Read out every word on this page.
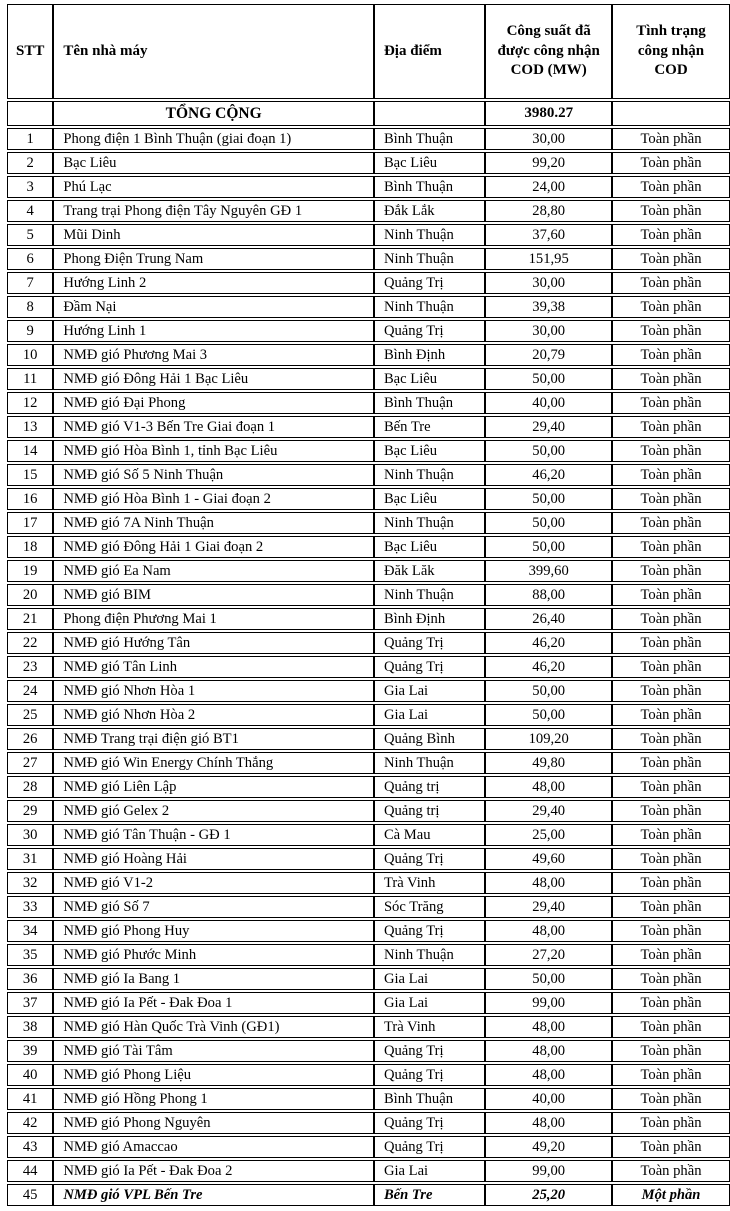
STT	Tên nhà máy	Địa điểm	Công suất đã được công nhận COD (MW)	Tình trạng công nhận COD
	TỔNG CỘNG		3980.27	
1	Phong điện 1 Bình Thuận (giai đoạn 1)	Bình Thuận	30,00	Toàn phần
2	Bạc Liêu	Bạc Liêu	99,20	Toàn phần
3	Phú Lạc	Bình Thuận	24,00	Toàn phần
4	Trang trại Phong điện Tây Nguyên GĐ 1	Đắk Lắk	28,80	Toàn phần
5	Mũi Dinh	Ninh Thuận	37,60	Toàn phần
6	Phong Điện Trung Nam	Ninh Thuận	151,95	Toàn phần
7	Hướng Linh 2	Quảng Trị	30,00	Toàn phần
8	Đầm Nại	Ninh Thuận	39,38	Toàn phần
9	Hướng Linh 1	Quảng Trị	30,00	Toàn phần
10	NMĐ gió Phương Mai 3	Bình Định	20,79	Toàn phần
11	NMĐ gió Đông Hải 1 Bạc Liêu	Bạc Liêu	50,00	Toàn phần
12	NMĐ gió Đại Phong	Bình Thuận	40,00	Toàn phần
13	NMĐ gió V1-3 Bến Tre Giai đoạn 1	Bến Tre	29,40	Toàn phần
14	NMĐ gió Hòa Bình 1, tỉnh Bạc Liêu	Bạc Liêu	50,00	Toàn phần
15	NMĐ gió Số 5 Ninh Thuận	Ninh Thuận	46,20	Toàn phần
16	NMĐ gió Hòa Bình 1 - Giai đoạn 2	Bạc Liêu	50,00	Toàn phần
17	NMĐ gió 7A Ninh Thuận	Ninh Thuận	50,00	Toàn phần
18	NMĐ gió Đông Hải 1 Giai đoạn 2	Bạc Liêu	50,00	Toàn phần
19	NMĐ gió Ea Nam	Đăk Lăk	399,60	Toàn phần
20	NMĐ gió BIM	Ninh Thuận	88,00	Toàn phần
21	Phong điện Phương Mai 1	Bình Định	26,40	Toàn phần
22	NMĐ gió Hướng Tân	Quảng Trị	46,20	Toàn phần
23	NMĐ gió Tân Linh	Quảng Trị	46,20	Toàn phần
24	NMĐ gió Nhơn Hòa 1	Gia Lai	50,00	Toàn phần
25	NMĐ gió Nhơn Hòa 2	Gia Lai	50,00	Toàn phần
26	NMĐ Trang trại điện gió BT1	Quảng Bình	109,20	Toàn phần
27	NMĐ gió Win Energy Chính Thắng	Ninh Thuận	49,80	Toàn phần
28	NMĐ gió Liên Lập	Quảng trị	48,00	Toàn phần
29	NMĐ gió Gelex 2	Quảng trị	29,40	Toàn phần
30	NMĐ gió Tân Thuận - GĐ 1	Cà Mau	25,00	Toàn phần
31	NMĐ gió Hoàng Hải	Quảng Trị	49,60	Toàn phần
32	NMĐ gió V1-2	Trà Vinh	48,00	Toàn phần
33	NMĐ gió Số 7	Sóc Trăng	29,40	Toàn phần
34	NMĐ gió Phong Huy	Quảng Trị	48,00	Toàn phần
35	NMĐ gió Phước Minh	Ninh Thuận	27,20	Toàn phần
36	NMĐ gió Ia Bang 1	Gia Lai	50,00	Toàn phần
37	NMĐ gió Ia Pết - Đak Đoa 1	Gia Lai	99,00	Toàn phần
38	NMĐ gió Hàn Quốc Trà Vinh (GĐ1)	Trà Vinh	48,00	Toàn phần
39	NMĐ gió Tài Tâm	Quảng Trị	48,00	Toàn phần
40	NMĐ gió Phong Liệu	Quảng Trị	48,00	Toàn phần
41	NMĐ gió Hồng Phong 1	Bình Thuận	40,00	Toàn phần
42	NMĐ gió Phong Nguyên	Quảng Trị	48,00	Toàn phần
43	NMĐ gió Amaccao	Quảng Trị	49,20	Toàn phần
44	NMĐ gió Ia Pết - Đak Đoa 2	Gia Lai	99,00	Toàn phần
45	NMĐ gió VPL Bến Tre	Bến Tre	25,20	Một phần
